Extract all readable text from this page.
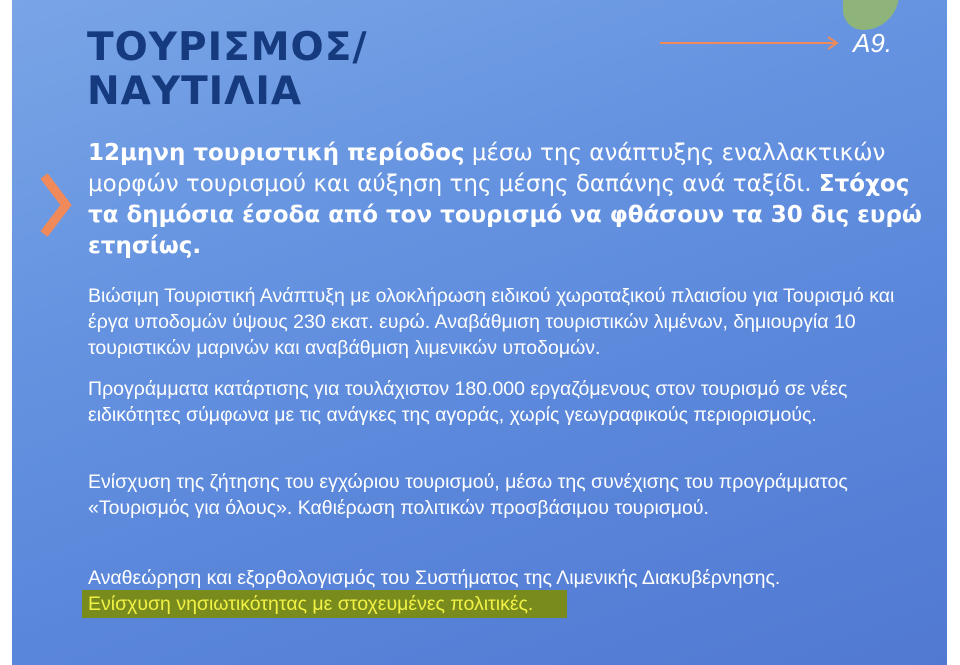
ΤΟΥΡΙΣΜΟΣ/
ΝΑΥΤΙΛΙΑ
Α9.

12μηνη τουριστική περίοδος μέσω της ανάπτυξης εναλλακτικών μορφών τουρισμού και αύξηση της μέσης δαπάνης ανά ταξίδι. Στόχος τα δημόσια έσοδα από τον τουρισμό να φθάσουν τα 30 δις ευρώ ετησίως.

Βιώσιμη Τουριστική Ανάπτυξη με ολοκλήρωση ειδικού χωροταξικού πλαισίου για Τουρισμό και έργα υποδομών ύψους 230 εκατ. ευρώ. Αναβάθμιση τουριστικών λιμένων, δημιουργία 10 τουριστικών μαρινών και αναβάθμιση λιμενικών υποδομών.

Προγράμματα κατάρτισης για τουλάχιστον 180.000 εργαζόμενους στον τουρισμό σε νέες ειδικότητες σύμφωνα με τις ανάγκες της αγοράς, χωρίς γεωγραφικούς περιορισμούς.

Ενίσχυση της ζήτησης του εγχώριου τουρισμού, μέσω της συνέχισης του προγράμματος «Τουρισμός για όλους». Καθιέρωση πολιτικών προσβάσιμου τουρισμού.

Αναθεώρηση και εξορθολογισμός του Συστήματος της Λιμενικής Διακυβέρνησης.
Ενίσχυση νησιωτικότητας με στοχευμένες πολιτικές.
